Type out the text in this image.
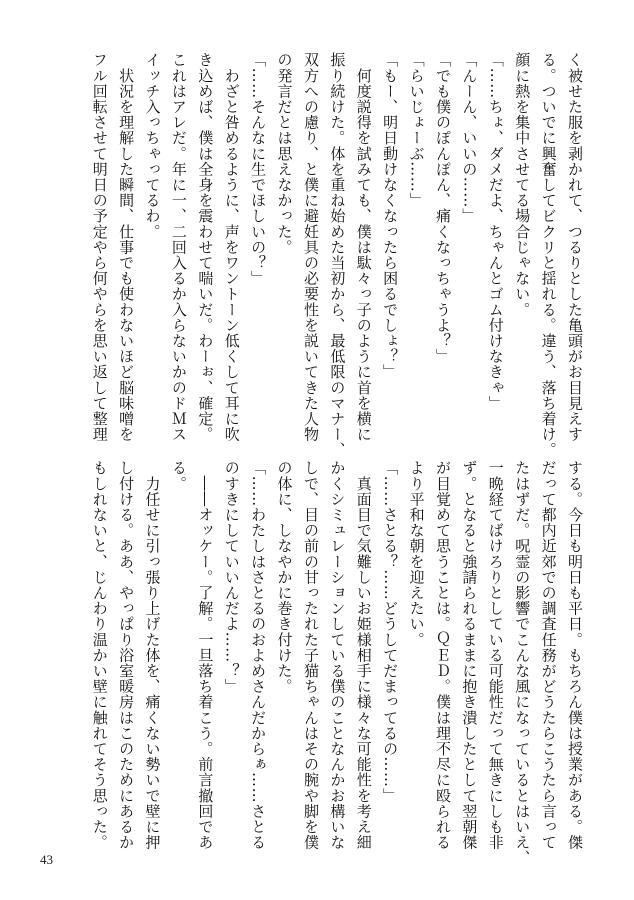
く被せた服を剥かれて、つるりとした亀頭がお目見えす
る。ついでに興奮してビクリと揺れる。違う、落ち着け。
顔に熱を集中させてる場合じゃない。
「……ちょ、ダメだよ、ちゃんとゴム付けなきゃ」
「んーん、いいの……」
「でも僕のぽんぽん、痛くなっちゃうよ？」
「らいじょーぶ……」
「もー、明日動けなくなったら困るでしょ？」
　何度説得を試みても、僕は駄々っ子のように首を横に
振り続けた。体を重ね始めた当初から、最低限のマナー、
双方への慮り、と僕に避妊具の必要性を説いてきた人物
の発言だとは思えなかった。
「……そんなに生でほしいの？」
　わざと咎めるように、声をワントーン低くして耳に吹
き込めば、僕は全身を震わせて喘いだ。わーぉ、確定。
これはアレだ。年に一、二回入るか入らないかのドＭス
イッチ入っちゃってるわ。
　状況を理解した瞬間、仕事でも使わないほど脳味噌を
フル回転させて明日の予定やら何やらを思い返して整理
する。今日も明日も平日。もちろん僕は授業がある。傑
だって都内近郊での調査任務がどうたらこうたら言って
たはずだ。呪霊の影響でこんな風になっているとはいえ、
一晩経てばけろりとしている可能性だって無きにしも非
ず。となると強請られるままに抱き潰したとして翌朝傑
が目覚めて思うことは。ＱＥＤ。僕は理不尽に殴られる
より平和な朝を迎えたい。
「……さとる？……どうしてだまってるの……」
　真面目で気難しいお姫様相手に様々な可能性を考え細
かくシミュレーションしている僕のことなんかお構いな
しで、目の前の甘ったれた子猫ちゃんはその腕や脚を僕
の体に、しなやかに巻き付けた。
「……わたしはさとるのおよめさんだからぁ……さとる
のすきにしていいんだよ……？」
　――オッケー。了解。一旦落ち着こう。前言撤回であ
る。
　力任せに引っ張り上げた体を、痛くない勢いで壁に押
し付ける。ああ、やっぱり浴室暖房はこのためにあるか
もしれないと、じんわり温かい壁に触れてそう思った。
43
